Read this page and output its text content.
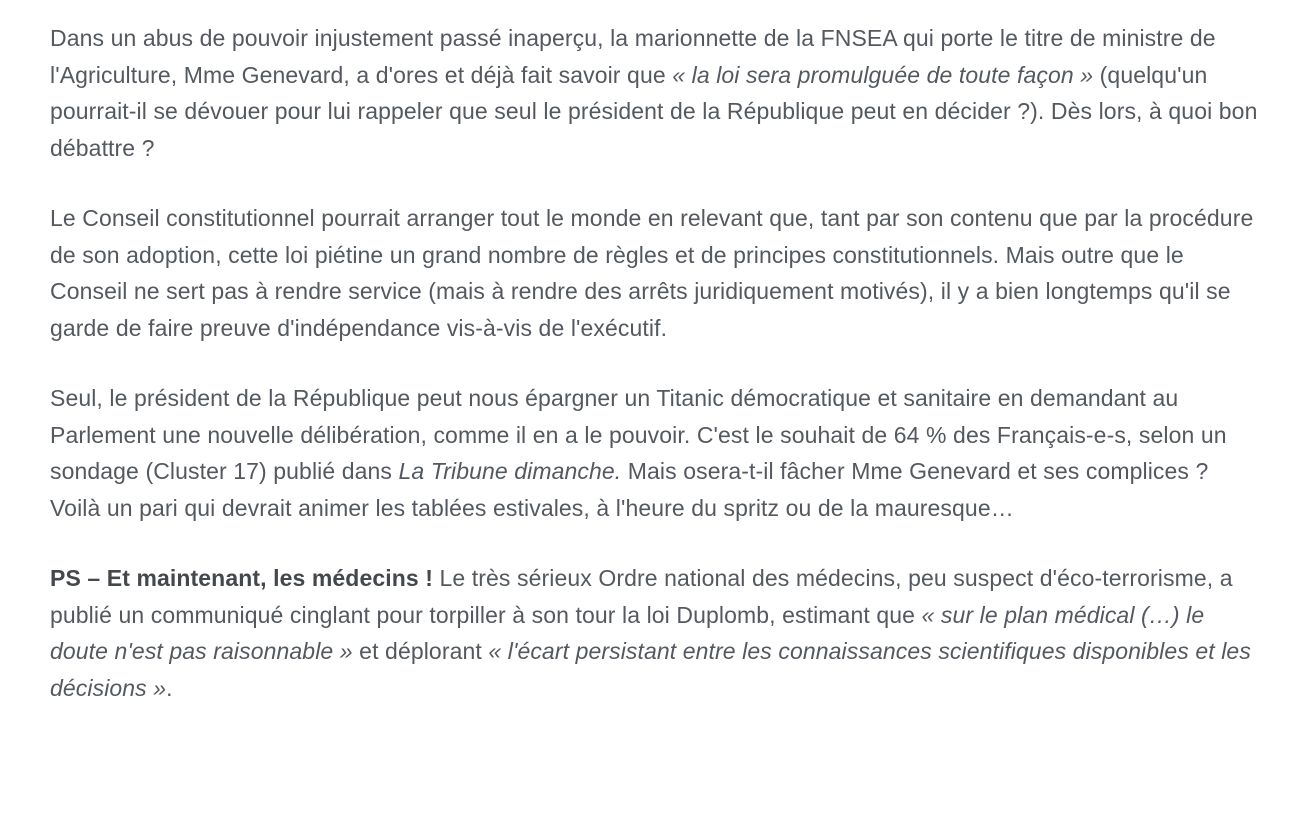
Dans un abus de pouvoir injustement passé inaperçu, la marionnette de la FNSEA qui porte le titre de ministre de l'Agriculture, Mme Genevard, a d'ores et déjà fait savoir que « la loi sera promulguée de toute façon » (quelqu'un pourrait-il se dévouer pour lui rappeler que seul le président de la République peut en décider ?). Dès lors, à quoi bon débattre ?

Le Conseil constitutionnel pourrait arranger tout le monde en relevant que, tant par son contenu que par la procédure de son adoption, cette loi piétine un grand nombre de règles et de principes constitutionnels. Mais outre que le Conseil ne sert pas à rendre service (mais à rendre des arrêts juridiquement motivés), il y a bien longtemps qu'il se garde de faire preuve d'indépendance vis-à-vis de l'exécutif.

Seul, le président de la République peut nous épargner un Titanic démocratique et sanitaire en demandant au Parlement une nouvelle délibération, comme il en a le pouvoir. C'est le souhait de 64 % des Français-e-s, selon un sondage (Cluster 17) publié dans La Tribune dimanche. Mais osera-t-il fâcher Mme Genevard et ses complices ? Voilà un pari qui devrait animer les tablées estivales, à l'heure du spritz ou de la mauresque…

PS – Et maintenant, les médecins ! Le très sérieux Ordre national des médecins, peu suspect d'éco-terrorisme, a publié un communiqué cinglant pour torpiller à son tour la loi Duplomb, estimant que « sur le plan médical (…) le doute n'est pas raisonnable » et déplorant « l'écart persistant entre les connaissances scientifiques disponibles et les décisions ».
